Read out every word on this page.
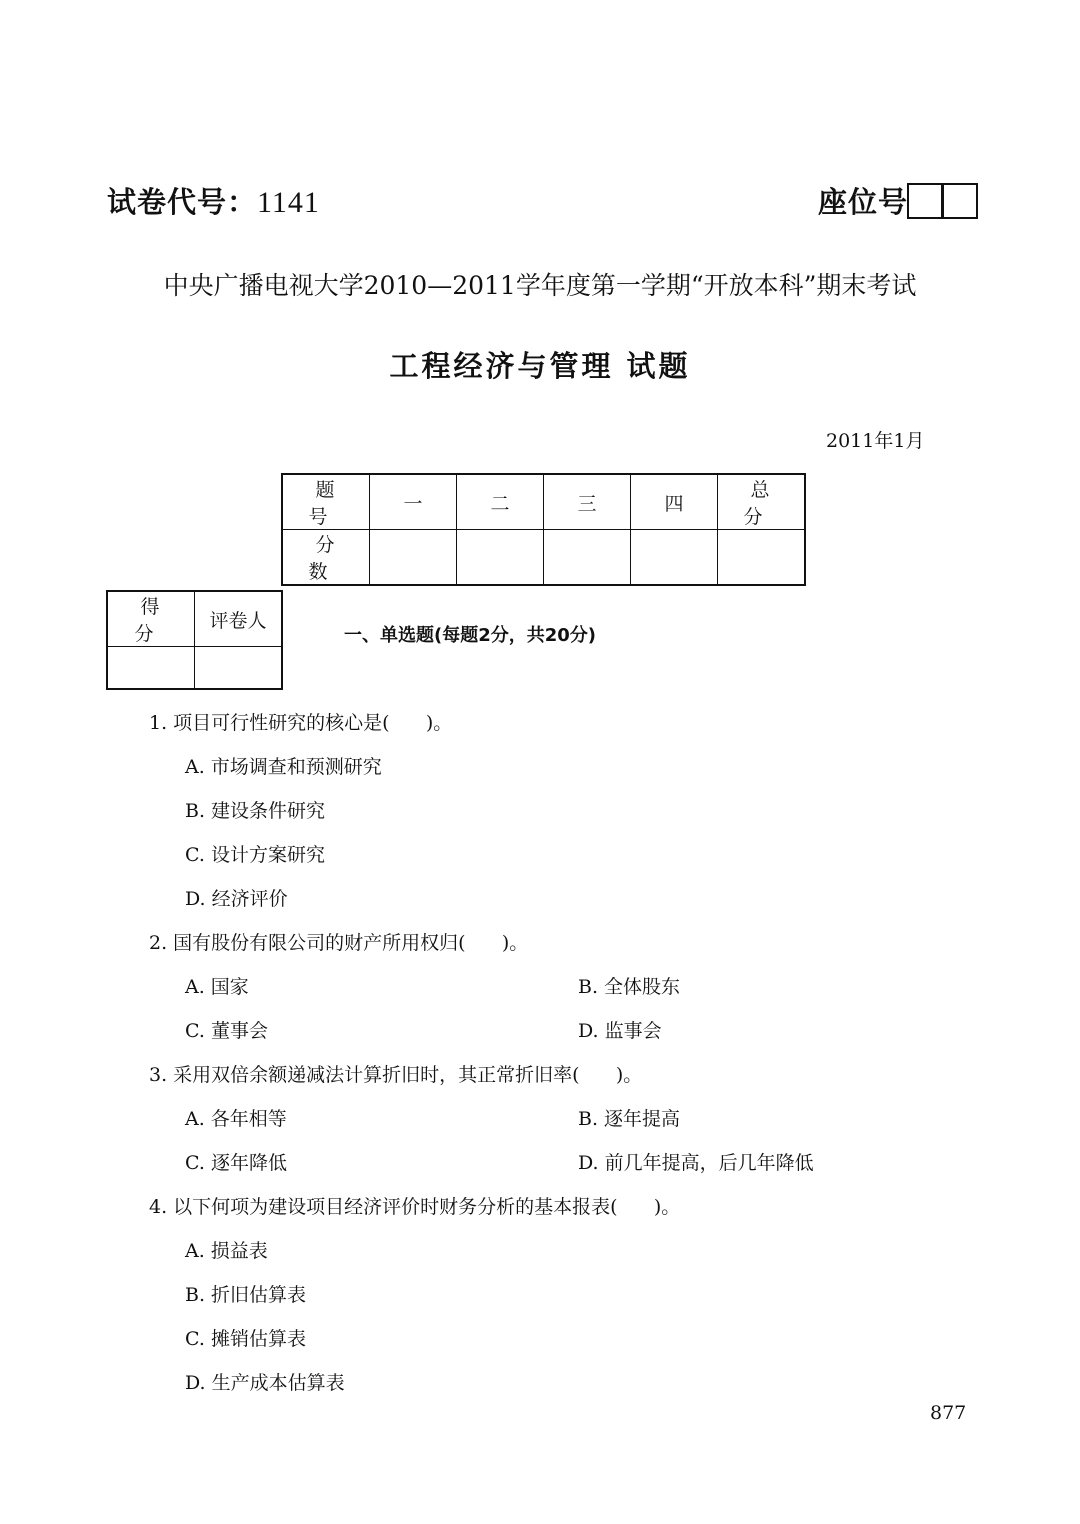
试卷代号：1141	座位号
中央广播电视大学2010—2011学年度第一学期“开放本科”期末考试
工程经济与管理 试题
2011年1月
题 号	一	二	三	四	总 分
分 数					
得 分	评卷人

一、单选题(每题2分，共20分)
1. 项目可行性研究的核心是(      )。
A. 市场调查和预测研究
B. 建设条件研究
C. 设计方案研究
D. 经济评价
2. 国有股份有限公司的财产所用权归(      )。
A. 国家	B. 全体股东
C. 董事会	D. 监事会
3. 采用双倍余额递减法计算折旧时，其正常折旧率(      )。
A. 各年相等	B. 逐年提高
C. 逐年降低	D. 前几年提高，后几年降低
4. 以下何项为建设项目经济评价时财务分析的基本报表(      )。
A. 损益表
B. 折旧估算表
C. 摊销估算表
D. 生产成本估算表
877
